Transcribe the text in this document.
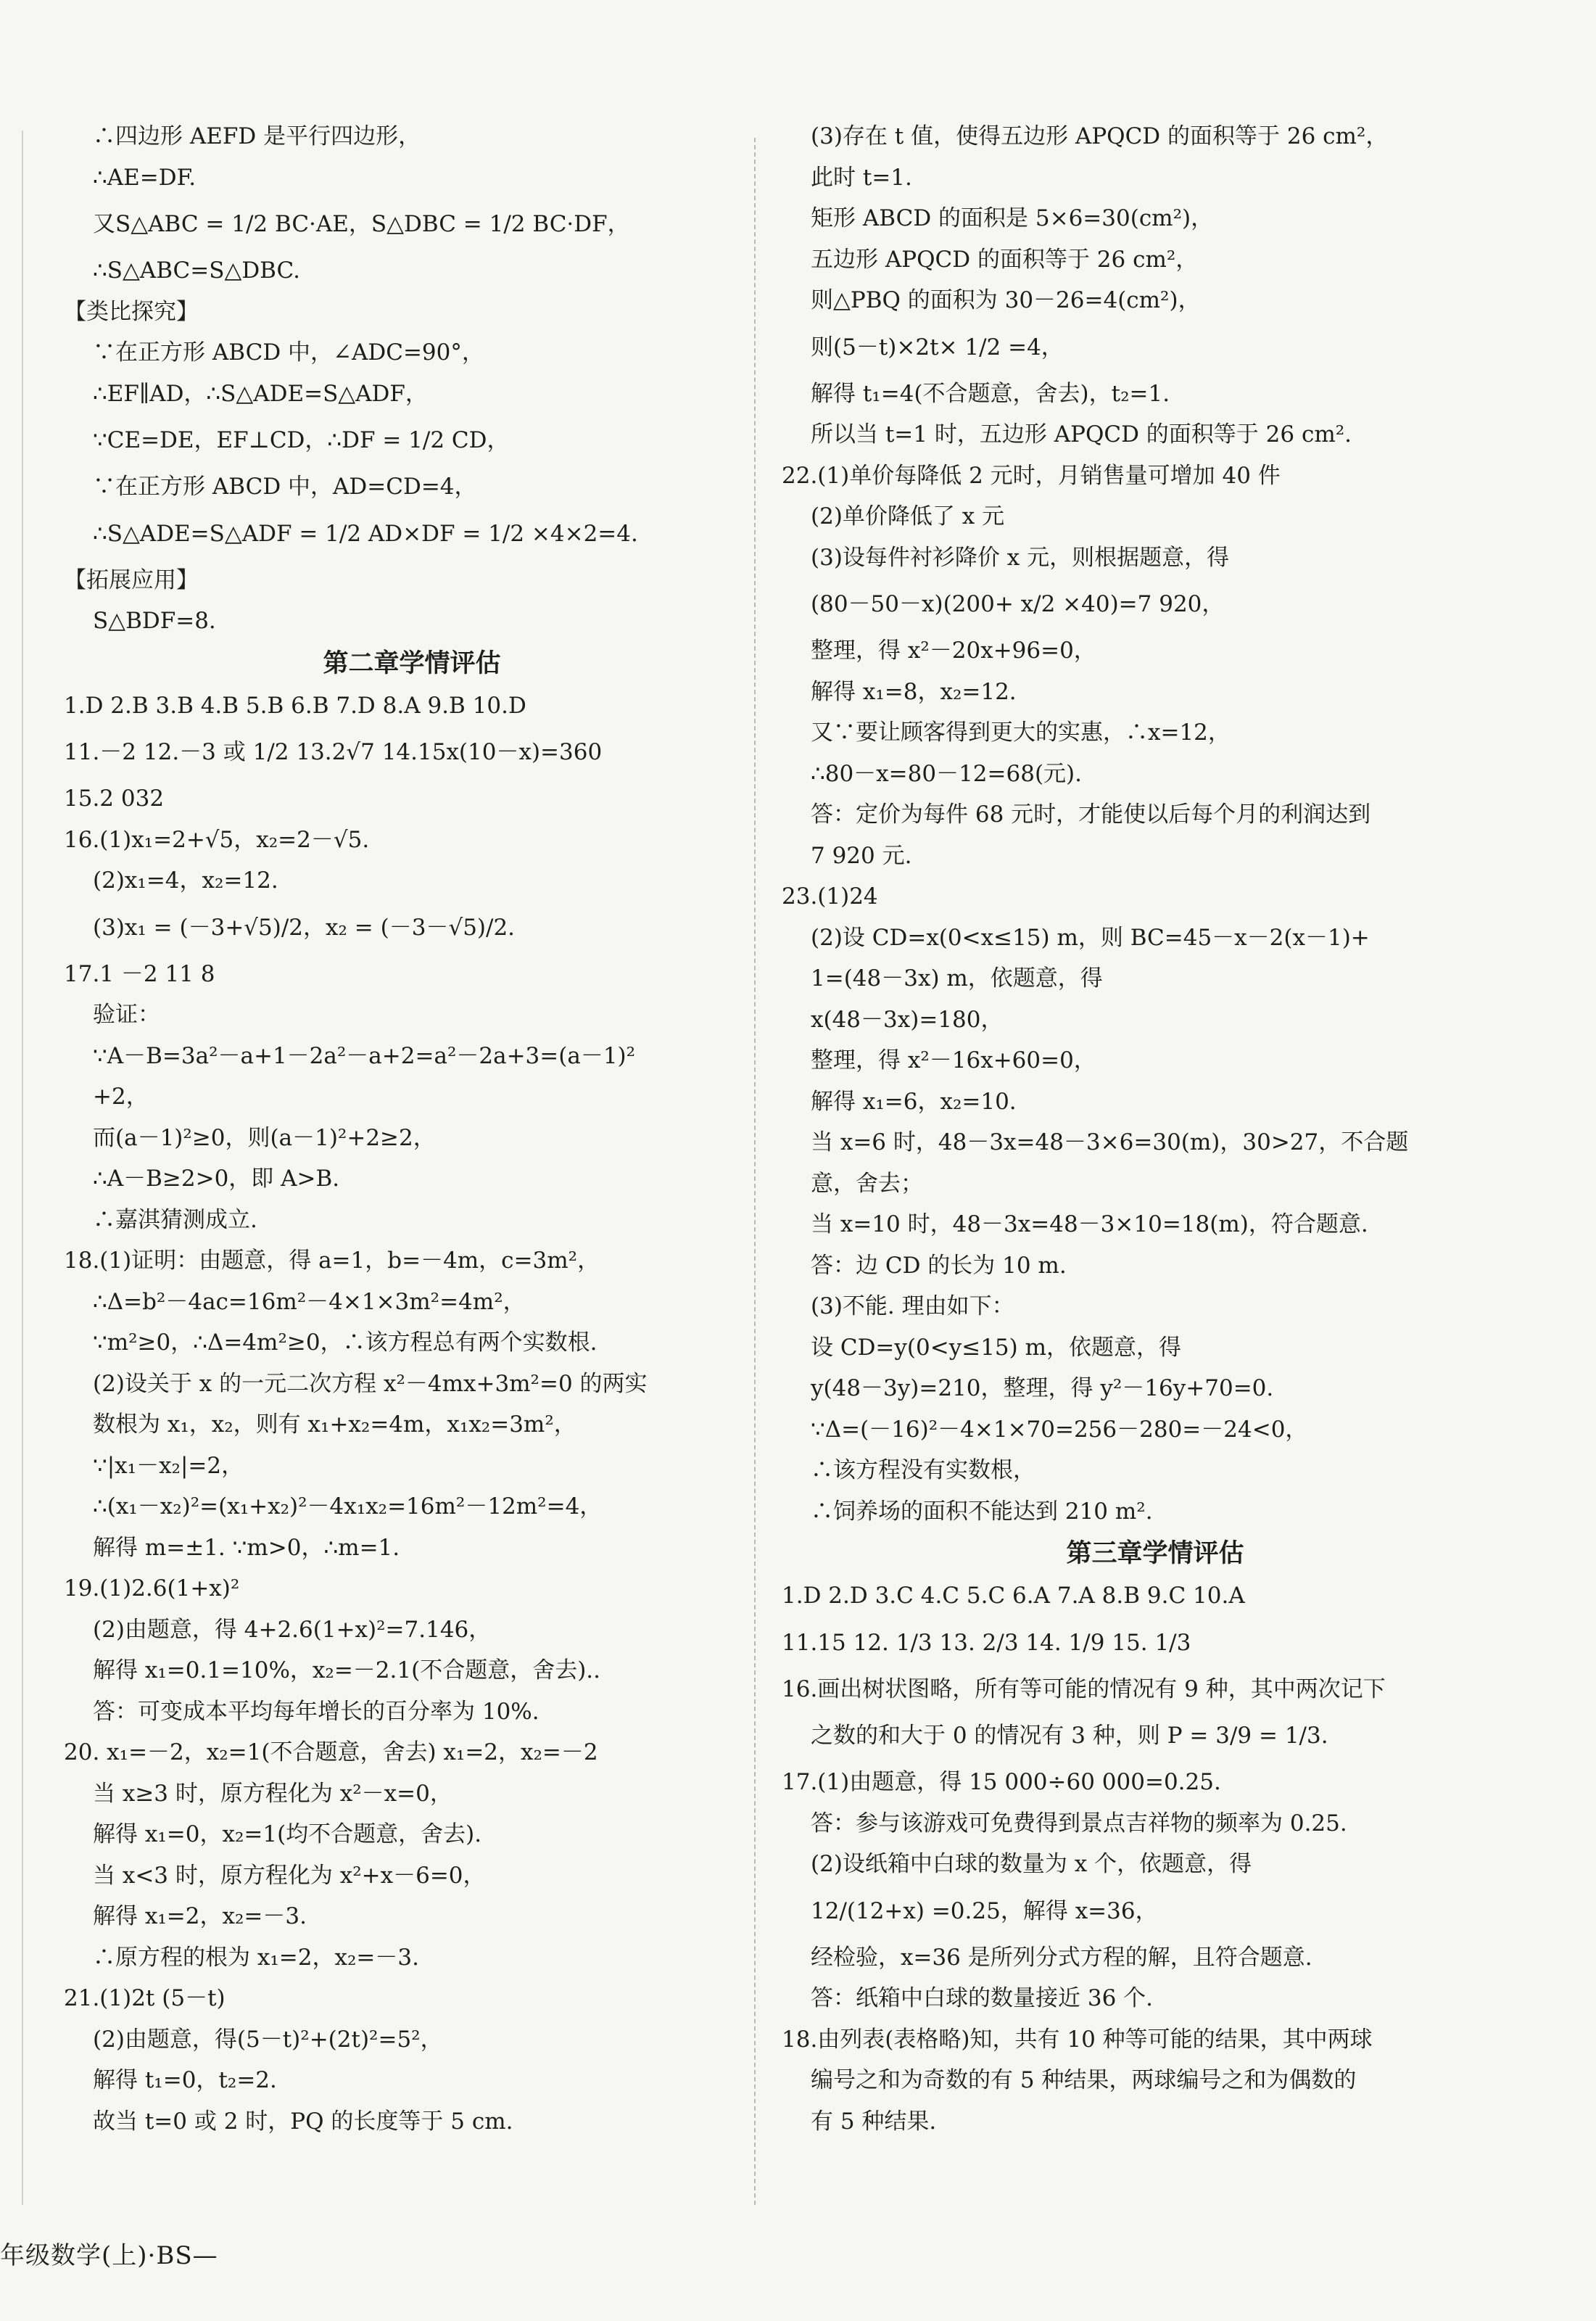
∴四边形 AEFD 是平行四边形，
∴AE=DF.
又S△ABC = 1/2 BC·AE，S△DBC = 1/2 BC·DF，
∴S△ABC=S△DBC.
【类比探究】
∵在正方形 ABCD 中，∠ADC=90°，
∴EF∥AD，∴S△ADE=S△ADF，
∵CE=DE，EF⊥CD，∴DF = 1/2 CD，
∵在正方形 ABCD 中，AD=CD=4，
∴S△ADE=S△ADF = 1/2 AD×DF = 1/2 ×4×2=4.
【拓展应用】
S△BDF=8.
第二章学情评估
1.D 2.B 3.B 4.B 5.B 6.B 7.D 8.A 9.B 10.D
11.－2 12.－3 或 1/2 13.2√7 14.15x(10－x)=360
15.2 032
16.(1)x₁=2+√5，x₂=2－√5.
(2)x₁=4，x₂=12.
(3)x₁ = (－3+√5)/2，x₂ = (－3－√5)/2.
17.1 －2 11 8
验证：
∵A－B=3a²－a+1－2a²－a+2=a²－2a+3=(a－1)²
+2，
而(a－1)²≥0，则(a－1)²+2≥2，
∴A－B≥2>0，即 A>B.
∴嘉淇猜测成立.
18.(1)证明：由题意，得 a=1，b=－4m，c=3m²，
∴Δ=b²－4ac=16m²－4×1×3m²=4m²，
∵m²≥0，∴Δ=4m²≥0，∴该方程总有两个实数根.
(2)设关于 x 的一元二次方程 x²－4mx+3m²=0 的两实
数根为 x₁，x₂，则有 x₁+x₂=4m，x₁x₂=3m²，
∵|x₁－x₂|=2，
∴(x₁－x₂)²=(x₁+x₂)²－4x₁x₂=16m²－12m²=4，
解得 m=±1. ∵m>0，∴m=1.
19.(1)2.6(1+x)²
(2)由题意，得 4+2.6(1+x)²=7.146，
解得 x₁=0.1=10%，x₂=－2.1(不合题意，舍去)..
答：可变成本平均每年增长的百分率为 10%.
20. x₁=－2，x₂=1(不合题意，舍去) x₁=2，x₂=－2
当 x≥3 时，原方程化为 x²－x=0，
解得 x₁=0，x₂=1(均不合题意，舍去).
当 x<3 时，原方程化为 x²+x－6=0，
解得 x₁=2，x₂=－3.
∴原方程的根为 x₁=2，x₂=－3.
21.(1)2t (5－t)
(2)由题意，得(5－t)²+(2t)²=5²，
解得 t₁=0，t₂=2.
故当 t=0 或 2 时，PQ 的长度等于 5 cm.
(3)存在 t 值，使得五边形 APQCD 的面积等于 26 cm²，
此时 t=1.
矩形 ABCD 的面积是 5×6=30(cm²)，
五边形 APQCD 的面积等于 26 cm²，
则△PBQ 的面积为 30－26=4(cm²)，
则(5－t)×2t× 1/2 =4，
解得 t₁=4(不合题意，舍去)，t₂=1.
所以当 t=1 时，五边形 APQCD 的面积等于 26 cm².
22.(1)单价每降低 2 元时，月销售量可增加 40 件
(2)单价降低了 x 元
(3)设每件衬衫降价 x 元，则根据题意，得
(80－50－x)(200+ x/2 ×40)=7 920，
整理，得 x²－20x+96=0，
解得 x₁=8，x₂=12.
又∵要让顾客得到更大的实惠，∴x=12，
∴80－x=80－12=68(元).
答：定价为每件 68 元时，才能使以后每个月的利润达到
7 920 元.
23.(1)24
(2)设 CD=x(0<x≤15) m，则 BC=45－x－2(x－1)+
1=(48－3x) m，依题意，得
x(48－3x)=180，
整理，得 x²－16x+60=0，
解得 x₁=6，x₂=10.
当 x=6 时，48－3x=48－3×6=30(m)，30>27，不合题
意，舍去；
当 x=10 时，48－3x=48－3×10=18(m)，符合题意.
答：边 CD 的长为 10 m.
(3)不能. 理由如下：
设 CD=y(0<y≤15) m，依题意，得
y(48－3y)=210，整理，得 y²－16y+70=0.
∵Δ=(－16)²－4×1×70=256－280=－24<0，
∴该方程没有实数根，
∴饲养场的面积不能达到 210 m².
第三章学情评估
1.D 2.D 3.C 4.C 5.C 6.A 7.A 8.B 9.C 10.A
11.15 12. 1/3 13. 2/3 14. 1/9 15. 1/3
16.画出树状图略，所有等可能的情况有 9 种，其中两次记下
之数的和大于 0 的情况有 3 种，则 P = 3/9 = 1/3.
17.(1)由题意，得 15 000÷60 000=0.25.
答：参与该游戏可免费得到景点吉祥物的频率为 0.25.
(2)设纸箱中白球的数量为 x 个，依题意，得
12/(12+x) =0.25，解得 x=36，
经检验，x=36 是所列分式方程的解，且符合题意.
答：纸箱中白球的数量接近 36 个.
18.由列表(表格略)知，共有 10 种等可能的结果，其中两球
编号之和为奇数的有 5 种结果，两球编号之和为偶数的
有 5 种结果.
年级数学(上)·BS—
